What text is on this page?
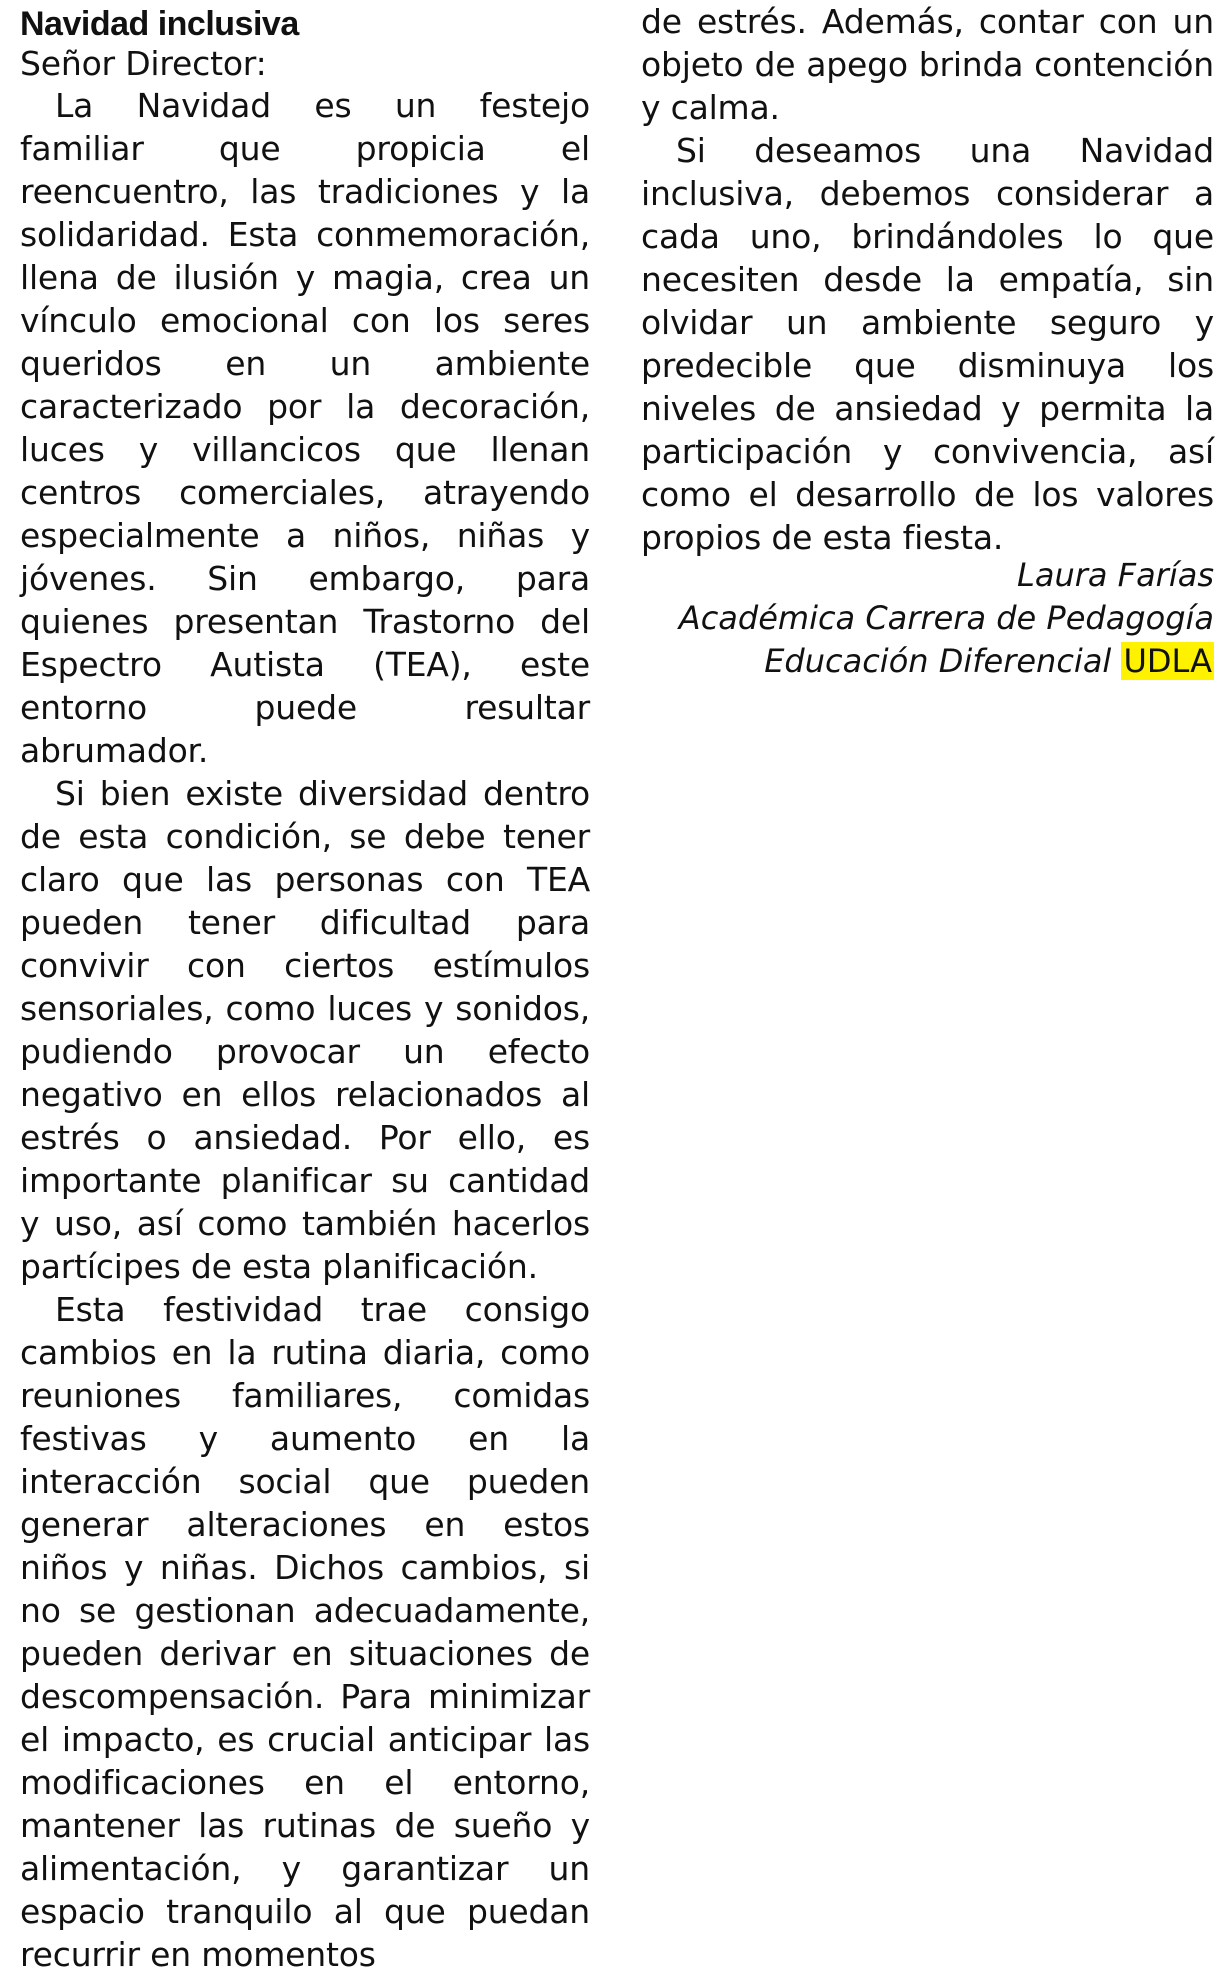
Navidad inclusiva

Señor Director:

La Navidad es un festejo familiar que propicia el reencuentro, las tradiciones y la solidaridad. Esta conmemoración, llena de ilusión y magia, crea un vínculo emocional con los seres queridos en un ambiente caracterizado por la decoración, luces y villancicos que llenan centros comerciales, atrayendo especialmente a niños, niñas y jóvenes. Sin embargo, para quienes presentan Trastorno del Espectro Autista (TEA), este entorno puede resultar abrumador.

Si bien existe diversidad dentro de esta condición, se debe tener claro que las personas con TEA pueden tener dificultad para convivir con ciertos estímulos sensoriales, como luces y sonidos, pudiendo provocar un efecto negativo en ellos relacionados al estrés o ansiedad. Por ello, es importante planificar su cantidad y uso, así como también hacerlos partícipes de esta planificación.

Esta festividad trae consigo cambios en la rutina diaria, como reuniones familiares, comidas festivas y aumento en la interacción social que pueden generar alteraciones en estos niños y niñas. Dichos cambios, si no se gestionan adecuadamente, pueden derivar en situaciones de descompensación. Para minimizar el impacto, es crucial anticipar las modificaciones en el entorno, mantener las rutinas de sueño y alimentación, y garantizar un espacio tranquilo al que puedan recurrir en momentos

de estrés. Además, contar con un objeto de apego brinda contención y calma.

Si deseamos una Navidad inclusiva, debemos considerar a cada uno, brindándoles lo que necesiten desde la empatía, sin olvidar un ambiente seguro y predecible que disminuya los niveles de ansiedad y permita la participación y convivencia, así como el desarrollo de los valores propios de esta fiesta.

Laura Farías
Académica Carrera de Pedagogía
Educación Diferencial UDLA
